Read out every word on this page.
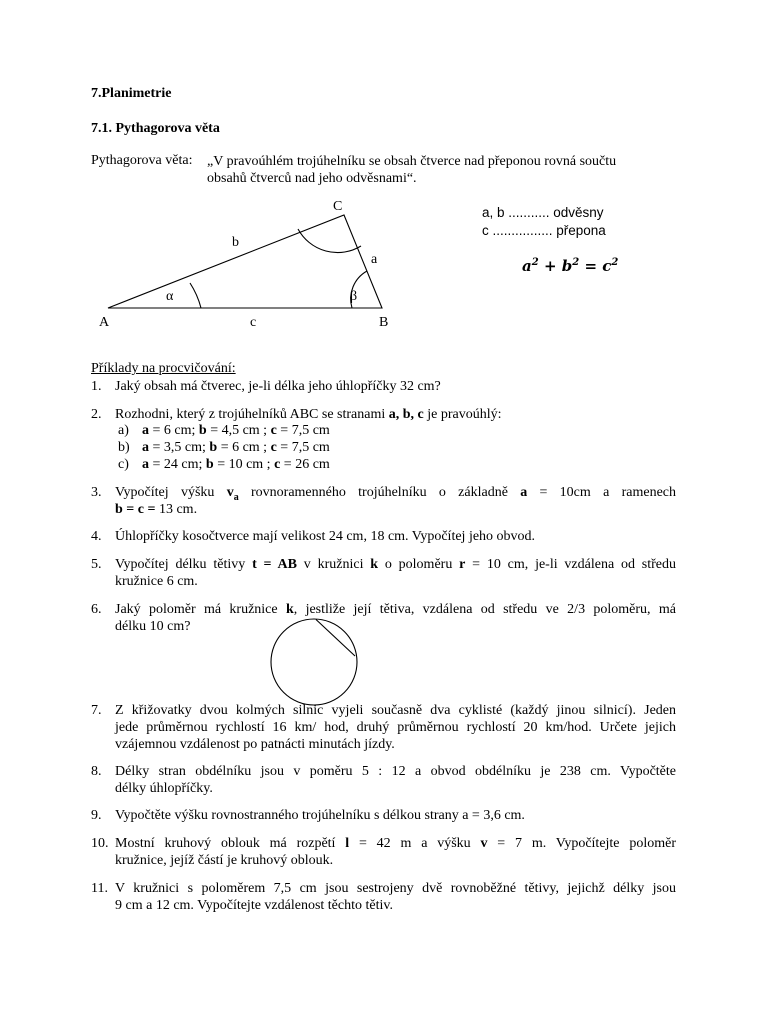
7.Planimetrie
7.1. Pythagorova věta
Pythagorova věta: „V pravoúhlém trojúhelníku se obsah čtverce nad přeponou rovná součtu
obsahů čtverců nad jeho odvěsnami“.
A	B
C
b
a
c
α	β
a, b ........... odvěsny
c ................ přepona
$a^2 + b^2 = c^2$
Příklady na procvičování:
1. Jaký obsah má čtverec, je-li délka jeho úhlopříčky 32 cm?
2. Rozhodni, který z trojúhelníků ABC se stranami a, b, c je pravoúhlý:
a) a = 6 cm; b = 4,5 cm ; c = 7,5 cm
b) a = 3,5 cm; b = 6 cm ; c = 7,5 cm
c) a = 24 cm; b = 10 cm ; c = 26 cm
3. Vypočítej výšku $v_a$ rovnoramenného trojúhelníku o základně a = 10cm a ramenech
b = c = 13 cm.
4. Úhlopříčky kosočtverce mají velikost 24 cm, 18 cm. Vypočítej jeho obvod.
5. Vypočítej délku tětivy t = AB v kružnici k o poloměru r = 10 cm, je-li vzdálena od středu
kružnice 6 cm.
6. Jaký poloměr má kružnice k, jestliže její tětiva, vzdálena od středu ve 2/3 poloměru, má
délku 10 cm?
7. Z křižovatky dvou kolmých silnic vyjeli současně dva cyklisté (každý jinou silnicí). Jeden
jede průměrnou rychlostí 16 km/ hod, druhý průměrnou rychlostí 20 km/hod. Určete jejich
vzájemnou vzdálenost po patnácti minutách jízdy.
8. Délky stran obdélníku jsou v poměru 5 : 12 a obvod obdélníku je 238 cm. Vypočtěte
délky úhlopříčky.
9. Vypočtěte výšku rovnostranného trojúhelníku s délkou strany a = 3,6 cm.
10. Mostní kruhový oblouk má rozpětí l = 42 m a výšku v = 7 m. Vypočítejte poloměr
kružnice, jejíž částí je kruhový oblouk.
11. V kružnici s poloměrem 7,5 cm jsou sestrojeny dvě rovnoběžné tětivy, jejichž délky jsou
9 cm a 12 cm. Vypočítejte vzdálenost těchto tětiv.
